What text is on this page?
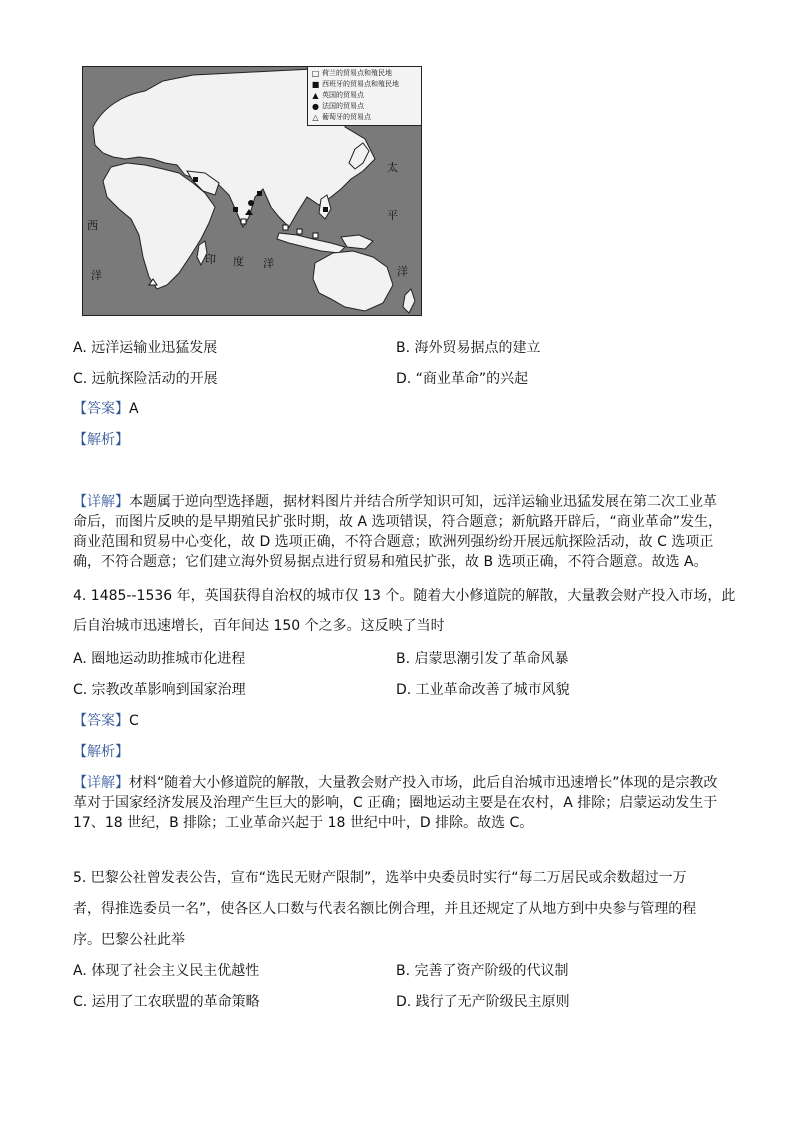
□ 荷兰的贸易点和殖民地
■ 西班牙的贸易点和殖民地
▲ 英国的贸易点
● 法国的贸易点
△ 葡萄牙的贸易点
西
洋
印 度 洋
太
平
洋
A. 远洋运输业迅猛发展	B. 海外贸易据点的建立
C. 远航探险活动的开展	D. “商业革命”的兴起
【答案】A
【解析】
【详解】本题属于逆向型选择题，据材料图片并结合所学知识可知，远洋运输业迅猛发展在第二次工业革命后，而图片反映的是早期殖民扩张时期，故 A 选项错误，符合题意；新航路开辟后，“商业革命”发生，商业范围和贸易中心变化，故 D 选项正确，不符合题意；欧洲列强纷纷开展远航探险活动，故 C 选项正确，不符合题意；它们建立海外贸易据点进行贸易和殖民扩张，故 B 选项正确，不符合题意。故选 A。
4. 1485--1536 年，英国获得自治权的城市仅 13 个。随着大小修道院的解散，大量教会财产投入市场，此
后自治城市迅速增长，百年间达 150 个之多。这反映了当时
A. 圈地运动助推城市化进程	B. 启蒙思潮引发了革命风暴
C. 宗教改革影响到国家治理	D. 工业革命改善了城市风貌
【答案】C
【解析】
【详解】材料“随着大小修道院的解散，大量教会财产投入市场，此后自治城市迅速增长”体现的是宗教改革对于国家经济发展及治理产生巨大的影响，C 正确；圈地运动主要是在农村，A 排除；启蒙运动发生于 17、18 世纪，B 排除；工业革命兴起于 18 世纪中叶，D 排除。故选 C。
5. 巴黎公社曾发表公告，宣布“选民无财产限制”，选举中央委员时实行“每二万居民或余数超过一万
者，得推选委员一名”，使各区人口数与代表名额比例合理，并且还规定了从地方到中央参与管理的程
序。巴黎公社此举
A. 体现了社会主义民主优越性	B. 完善了资产阶级的代议制
C. 运用了工农联盟的革命策略	D. 践行了无产阶级民主原则
